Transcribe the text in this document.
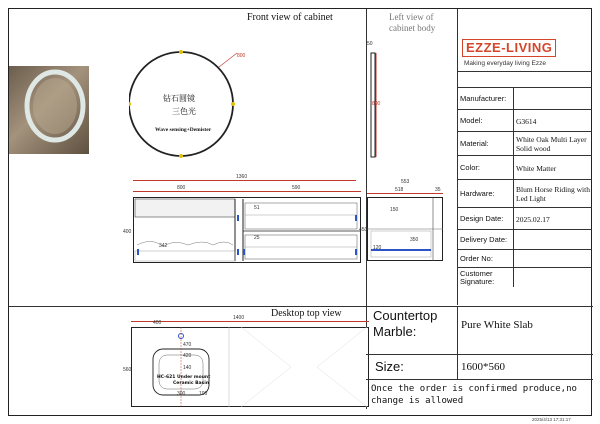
Front view of cabinet	Left view of cabinet body
Desktop top view
800
钻石圆镜
三色光
Wave sensing+Demister
50
800
1360
800	590
400
342
51
25
553
518	35
450
350
120
150
1400
400
560
470
420
140
300	100
HC-621 Under mount
Ceramic Basin
EZZE-LIVING
Making everyday living Ezze
Manufacturer:
Model:	G3614
Material:	White Oak Multi Layer Solid wood
Color:	White Matter
Hardware:	Blum Horse Riding with Led Light
Design Date:	2025.02.17
Delivery Date:
Order No:
Customer Signature:
Countertop Marble:	Pure White Slab
Size:	1600*560
Once the order is confirmed produce,no change is allowed
2025/4/13 17:31:17
